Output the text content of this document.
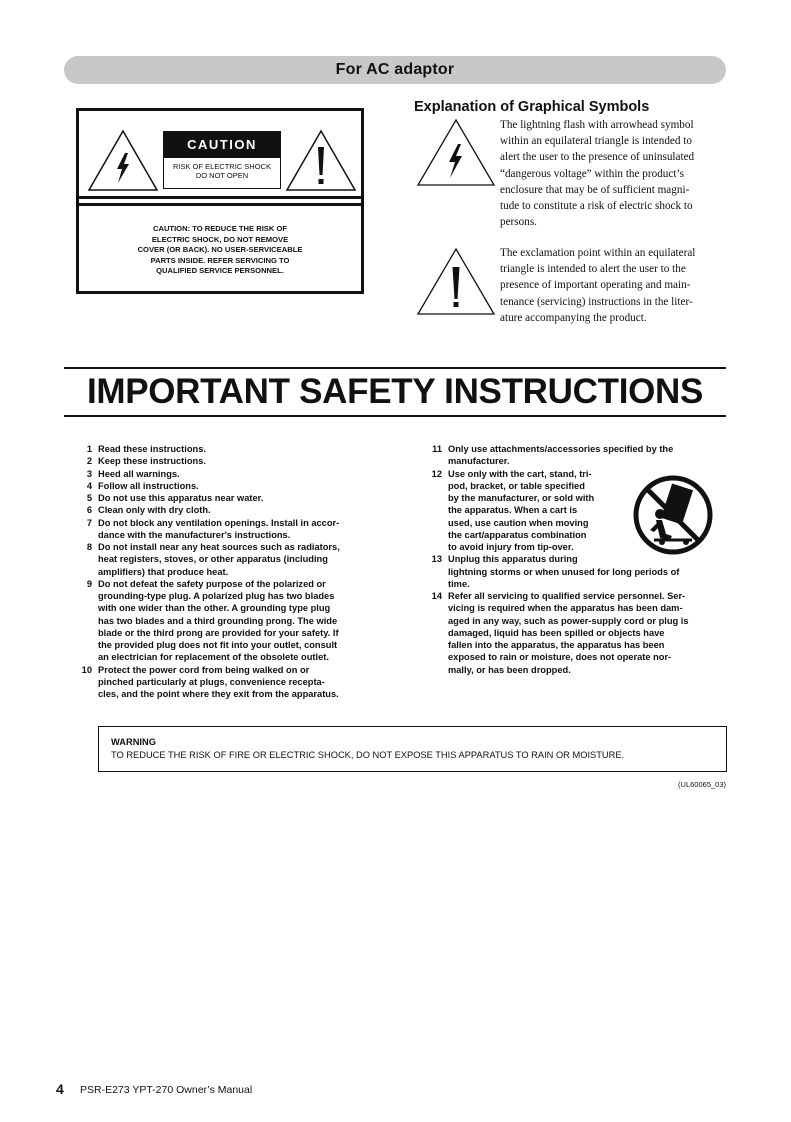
For AC adaptor
CAUTION
RISK OF ELECTRIC SHOCK
DO NOT OPEN
CAUTION: TO REDUCE THE RISK OF
ELECTRIC SHOCK, DO NOT REMOVE
COVER (OR BACK). NO USER-SERVICEABLE
PARTS INSIDE. REFER SERVICING TO
QUALIFIED SERVICE PERSONNEL.
Explanation of Graphical Symbols
The lightning flash with arrowhead symbol
within an equilateral triangle is intended to
alert the user to the presence of uninsulated
“dangerous voltage” within the product’s
enclosure that may be of sufficient magni-
tude to constitute a risk of electric shock to
persons.
The exclamation point within an equilateral
triangle is intended to alert the user to the
presence of important operating and main-
tenance (servicing) instructions in the liter-
ature accompanying the product.
IMPORTANT SAFETY INSTRUCTIONS
1 Read these instructions.
2 Keep these instructions.
3 Heed all warnings.
4 Follow all instructions.
5 Do not use this apparatus near water.
6 Clean only with dry cloth.
7 Do not block any ventilation openings. Install in accor-
dance with the manufacturer's instructions.
8 Do not install near any heat sources such as radiators,
heat registers, stoves, or other apparatus (including
amplifiers) that produce heat.
9 Do not defeat the safety purpose of the polarized or
grounding-type plug. A polarized plug has two blades
with one wider than the other. A grounding type plug
has two blades and a third grounding prong. The wide
blade or the third prong are provided for your safety. If
the provided plug does not fit into your outlet, consult
an electrician for replacement of the obsolete outlet.
10 Protect the power cord from being walked on or
pinched particularly at plugs, convenience recepta-
cles, and the point where they exit from the apparatus.
11 Only use attachments/accessories specified by the
manufacturer.
12 Use only with the cart, stand, tri-
pod, bracket, or table specified
by the manufacturer, or sold with
the apparatus. When a cart is
used, use caution when moving
the cart/apparatus combination
to avoid injury from tip-over.
13 Unplug this apparatus during
lightning storms or when unused for long periods of
time.
14 Refer all servicing to qualified service personnel. Ser-
vicing is required when the apparatus has been dam-
aged in any way, such as power-supply cord or plug is
damaged, liquid has been spilled or objects have
fallen into the apparatus, the apparatus has been
exposed to rain or moisture, does not operate nor-
mally, or has been dropped.
WARNING
TO REDUCE THE RISK OF FIRE OR ELECTRIC SHOCK, DO NOT EXPOSE THIS APPARATUS TO RAIN OR MOISTURE.
(UL60065_03)
4 PSR-E273 YPT-270 Owner’s Manual
